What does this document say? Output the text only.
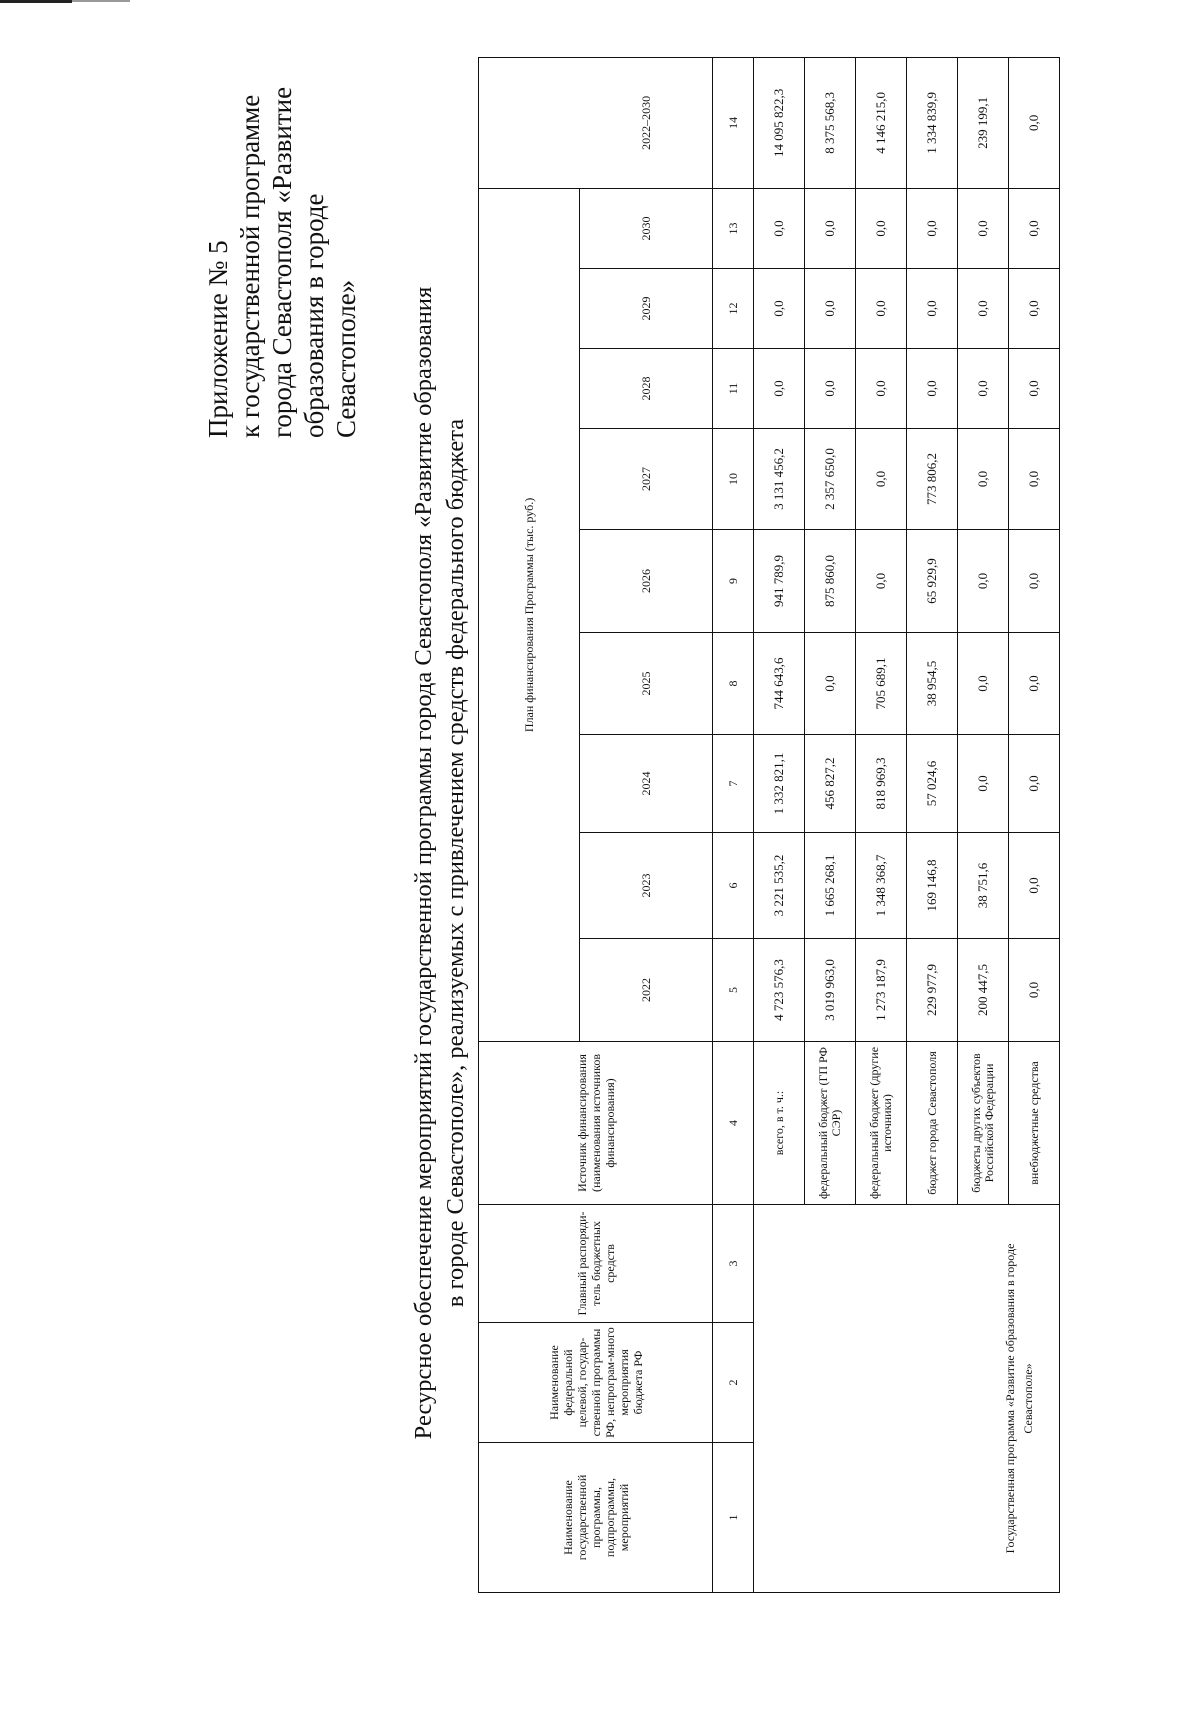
Приложение № 5 к государственной программе города Севастополя «Развитие образования в городе Севастополе» Ресурсное обеспечение мероприятий государственной программы города Севастополя «Развитие образования в городе Севастополе», реализуемых с привлечением средств федерального бюджета
Наименование государственной программы, подпрограммы, мероприятий	Наименование федеральной целевой, государ-ственной программы РФ, непрограм-много мероприятия бюджета РФ	Главный распоряди-тель бюджетных средств	Источник финансирования (наименования источников финансирования)	План финансирования Программы (тыс. руб.)									
				2022	2023	2024	2025	2026	2027	2028	2029	2030	2022–2030
1	2	3	4	5	6	7	8	9	10	11	12	13	14
Государственная программа «Развитие образования в городе Севастополе»			всего, в т. ч.:	4 723 576,3	3 221 535,2	1 332 821,1	744 643,6	941 789,9	3 131 456,2	0,0	0,0	0,0	14 095 822,3
			федеральный бюджет (ГП РФ СЭР)	3 019 963,0	1 665 268,1	456 827,2	0,0	875 860,0	2 357 650,0	0,0	0,0	0,0	8 375 568,3
			федеральный бюджет (другие источники)	1 273 187,9	1 348 368,7	818 969,3	705 689,1	0,0	0,0	0,0	0,0	0,0	4 146 215,0
			бюджет города Севастополя	229 977,9	169 146,8	57 024,6	38 954,5	65 929,9	773 806,2	0,0	0,0	0,0	1 334 839,9
			бюджеты других субъектов Российской Федерации	200 447,5	38 751,6	0,0	0,0	0,0	0,0	0,0	0,0	0,0	239 199,1
			внебюджетные средства	0,0	0,0	0,0	0,0	0,0	0,0	0,0	0,0	0,0	0,0
